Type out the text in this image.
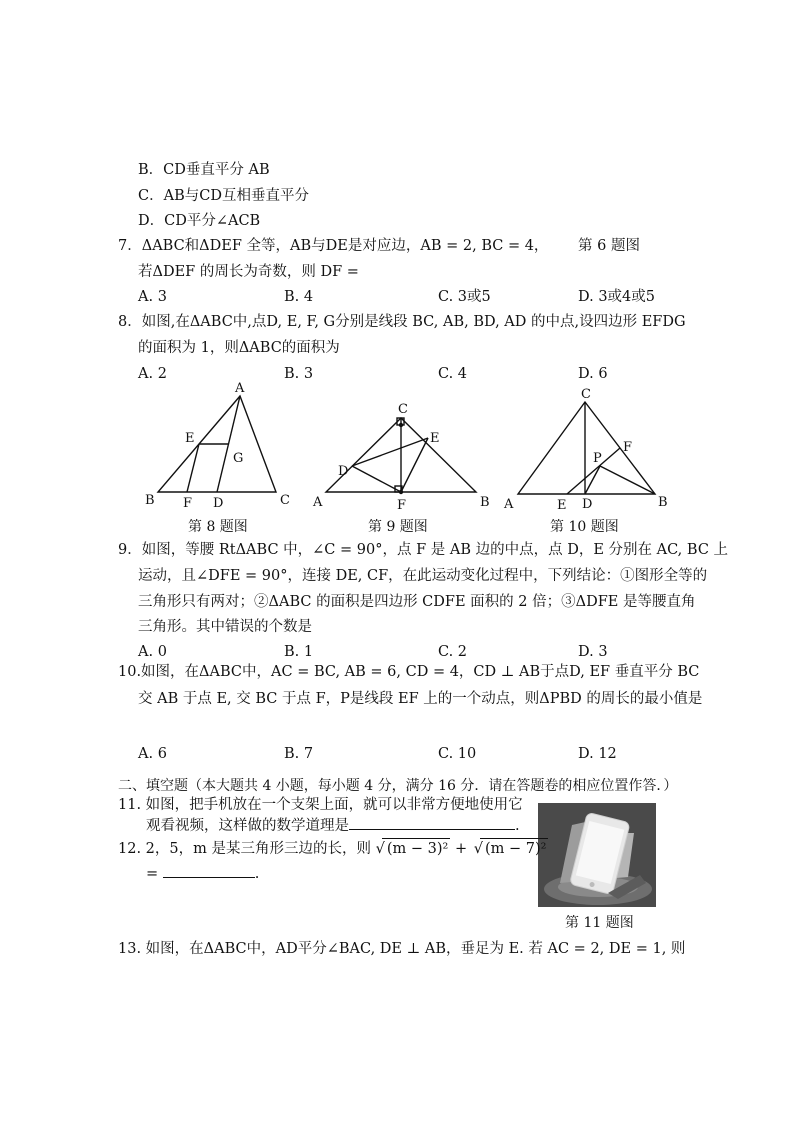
B．CD垂直平分 AB
C．AB与CD互相垂直平分
D．CD平分∠ACB
7．ΔABC和ΔDEF 全等，AB与DE是对应边，AB = 2, BC = 4， 第 6 题图
若ΔDEF 的周长为奇数，则 DF =
A. 3	B. 4	C. 3或5	D. 3或4或5
8．如图,在ΔABC中,点D, E, F, G分别是线段 BC, AB, BD, AD 的中点,设四边形 EFDG
的面积为 1，则ΔABC的面积为
A. 2	B. 3	C. 4	D. 6
A
B	C
D
E
F
G
C
A	B
D
E
F
C
A	B
D
E
F
P
第 8 题图	第 9 题图	第 10 题图
9．如图，等腰 RtΔABC 中，∠C = 90°，点 F 是 AB 边的中点，点 D，E 分别在 AC, BC 上
运动，且∠DFE = 90°，连接 DE, CF，在此运动变化过程中，下列结论：①图形全等的
三角形只有两对；②ΔABC 的面积是四边形 CDFE 面积的 2 倍；③ΔDFE 是等腰直角
三角形。其中错误的个数是
A. 0	B. 1	C. 2	D. 3
10.如图，在ΔABC中，AC = BC, AB = 6, CD = 4，CD ⊥ AB于点D, EF 垂直平分 BC
交 AB 于点 E, 交 BC 于点 F，P是线段 EF 上的一个动点，则ΔPBD 的周长的最小值是
A. 6	B. 7	C. 10	D. 12
二、填空题（本大题共 4 小题，每小题 4 分，满分 16 分．请在答题卷的相应位置作答．）
11. 如图，把手机放在一个支架上面，就可以非常方便地使用它
观看视频，这样做的数学道理是	.
第 11 题图
12. 2，5，m 是某三角形三边的长，则 √ (m − 3)² + √ (m − 7)²
=	.
13. 如图，在ΔABC中，AD平分∠BAC, DE ⊥ AB，垂足为 E. 若 AC = 2, DE = 1, 则
